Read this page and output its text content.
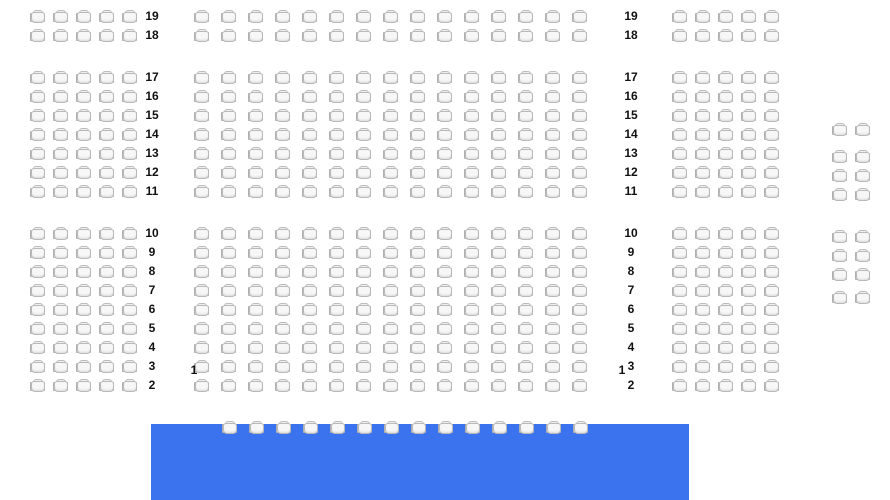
19	19
18	18
17	17
16	16
15	15
14	14
13	13
12	12
11	11
10	10
9	9
8	8
7	7
6	6
5	5
4	4
3	3
2	2
1	1
